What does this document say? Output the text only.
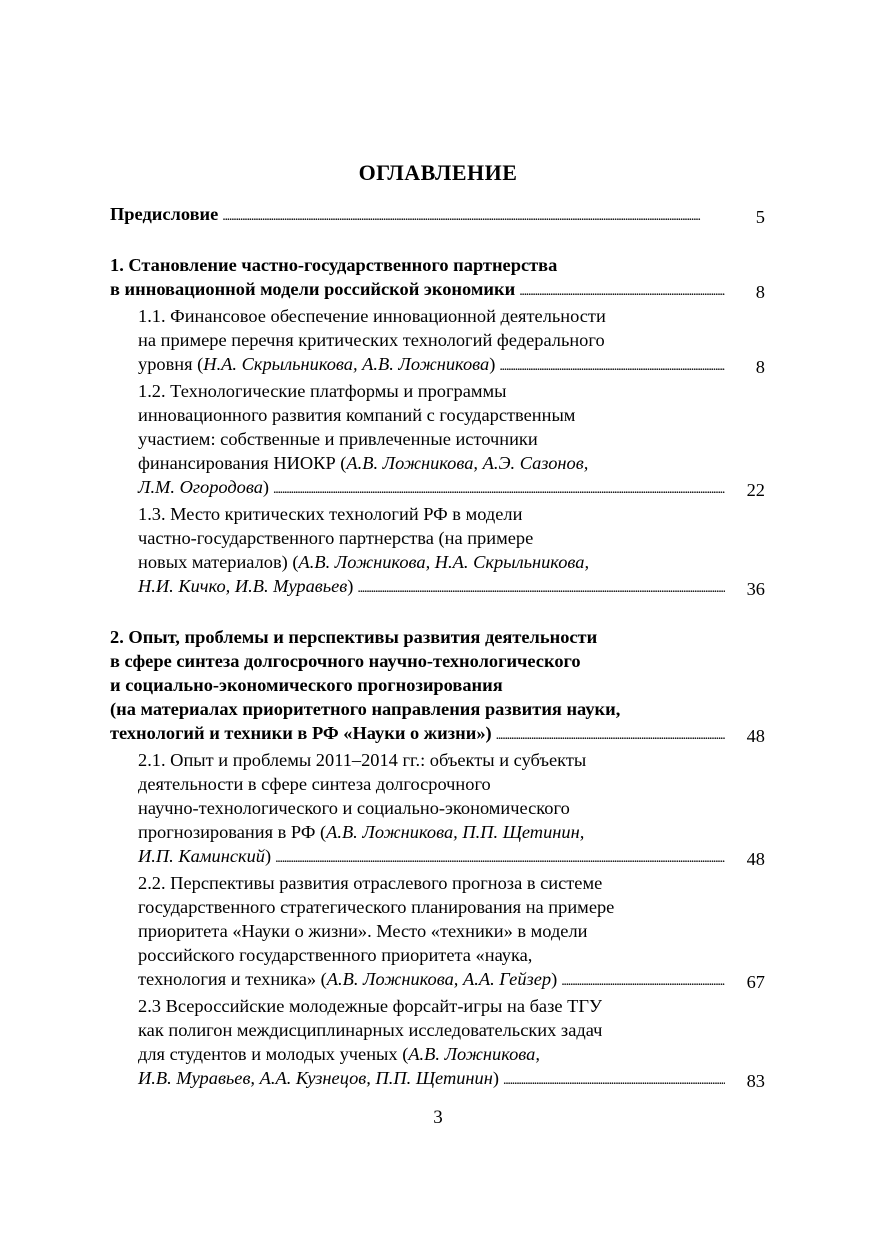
ОГЛАВЛЕНИЕ
Предисловие . . .	5
1. Становление частно-государственного партнерства
в инновационной модели российской экономики . . .	8
1.1. Финансовое обеспечение инновационной деятельности
на примере перечня критических технологий федерального
уровня (Н.А. Скрыльникова, А.В. Ложникова) . . .	8
1.2. Технологические платформы и программы
инновационного развития компаний с государственным
участием: собственные и привлеченные источники
финансирования НИОКР (А.В. Ложникова, А.Э. Сазонов,
Л.М. Огородова) . . .	22
1.3. Место критических технологий РФ в модели
частно-государственного партнерства (на примере
новых материалов) (А.В. Ложникова, Н.А. Скрыльникова,
Н.И. Кичко, И.В. Муравьев) . . .	36
2. Опыт, проблемы и перспективы развития деятельности
в сфере синтеза долгосрочного научно-технологического
и социально-экономического прогнозирования
(на материалах приоритетного направления развития науки,
технологий и техники в РФ «Науки о жизни») . . .	48
2.1. Опыт и проблемы 2011–2014 гг.: объекты и субъекты
деятельности в сфере синтеза долгосрочного
научно-технологического и социально-экономического
прогнозирования в РФ (А.В. Ложникова, П.П. Щетинин,
И.П. Каминский) . . .	48
2.2. Перспективы развития отраслевого прогноза в системе
государственного стратегического планирования на примере
приоритета «Науки о жизни». Место «техники» в модели
российского государственного приоритета «наука,
технология и техника» (А.В. Ложникова, А.А. Гейзер) . . .	67
2.3 Всероссийские молодежные форсайт-игры на базе ТГУ
как полигон междисциплинарных исследовательских задач
для студентов и молодых ученых (А.В. Ложникова,
И.В. Муравьев, А.А. Кузнецов, П.П. Щетинин) . . .	83
3
